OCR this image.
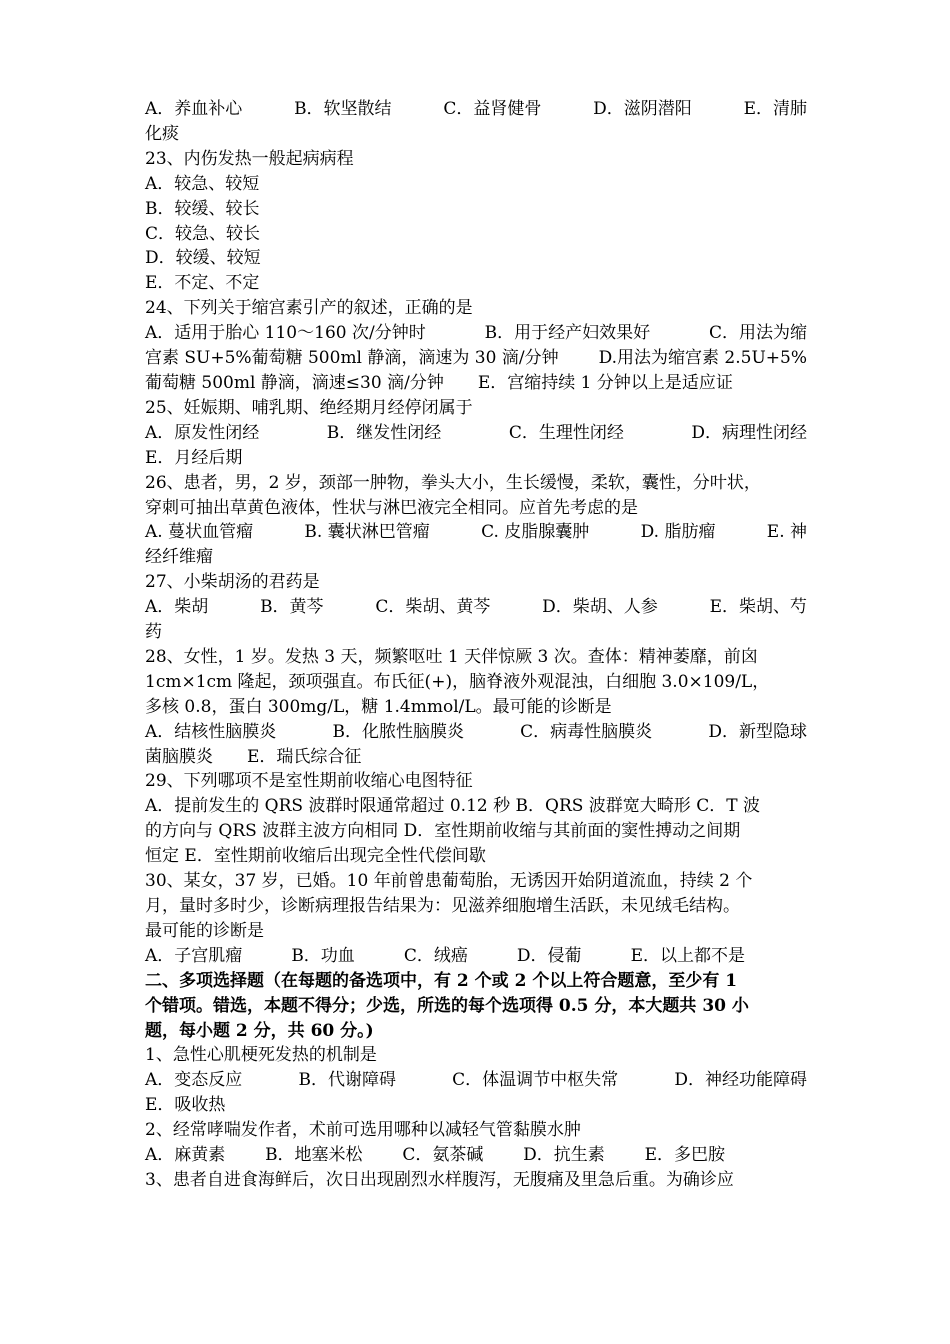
A．养血补心	B．软坚散结	C．益肾健骨	D．滋阴潜阳	E．清肺
化痰
23、内伤发热一般起病病程
A．较急、较短
B．较缓、较长
C．较急、较长
D．较缓、较短
E．不定、不定
24、下列关于缩宫素引产的叙述，正确的是
A．适用于胎心 110～160 次/分钟时	B．用于经产妇效果好	C．用法为缩
宫素 SU+5%葡萄糖 500ml 静滴，滴速为 30 滴/分钟 D.用法为缩宫素 2.5U+5%
葡萄糖 500ml 静滴，滴速≤30 滴/分钟 E．宫缩持续 1 分钟以上是适应证
25、妊娠期、哺乳期、绝经期月经停闭属于
A．原发性闭经	B．继发性闭经	C．生理性闭经	D．病理性闭经
E．月经后期
26、患者，男，2 岁，颈部一肿物，拳头大小，生长缓慢，柔软，囊性，分叶状，
穿刺可抽出草黄色液体，性状与淋巴液完全相同。应首先考虑的是
A. 蔓状血管瘤	B. 囊状淋巴管瘤	C. 皮脂腺囊肿	D. 脂肪瘤	E. 神
经纤维瘤
27、小柴胡汤的君药是
A．柴胡	B．黄芩	C．柴胡、黄芩	D．柴胡、人参	E．柴胡、芍
药
28、女性，1 岁。发热 3 天，频繁呕吐 1 天伴惊厥 3 次。查体：精神萎靡，前囟
1cm×1cm 隆起，颈项强直。布氏征(+)，脑脊液外观混浊，白细胞 3.0×109/L，
多核 0.8，蛋白 300mg/L，糖 1.4mmol/L。最可能的诊断是
A．结核性脑膜炎	B．化脓性脑膜炎	C．病毒性脑膜炎	D．新型隐球
菌脑膜炎 E．瑞氏综合征
29、下列哪项不是室性期前收缩心电图特征
A．提前发生的 QRS 波群时限通常超过 0.12 秒 B．QRS 波群宽大畸形 C．T 波
的方向与 QRS 波群主波方向相同 D．室性期前收缩与其前面的窦性搏动之间期
恒定 E．室性期前收缩后出现完全性代偿间歇
30、某女，37 岁，已婚。10 年前曾患葡萄胎，无诱因开始阴道流血，持续 2 个
月，量时多时少，诊断病理报告结果为：见滋养细胞增生活跃，未见绒毛结构。
最可能的诊断是
A．子宫肌瘤	B．功血	C．绒癌	D．侵葡	E．以上都不是
二、多项选择题（在每题的备选项中，有 2 个或 2 个以上符合题意，至少有 1
个错项。错选，本题不得分；少选，所选的每个选项得 0.5 分，本大题共 30 小
题，每小题 2 分，共 60 分。)
1、急性心肌梗死发热的机制是
A．变态反应	B．代谢障碍	C．体温调节中枢失常	D．神经功能障碍
E．吸收热
2、经常哮喘发作者，术前可选用哪种以减轻气管黏膜水肿
A．麻黄素 B．地塞米松 C．氨茶碱 D．抗生素 E．多巴胺
3、患者自进食海鲜后，次日出现剧烈水样腹泻，无腹痛及里急后重。为确诊应
